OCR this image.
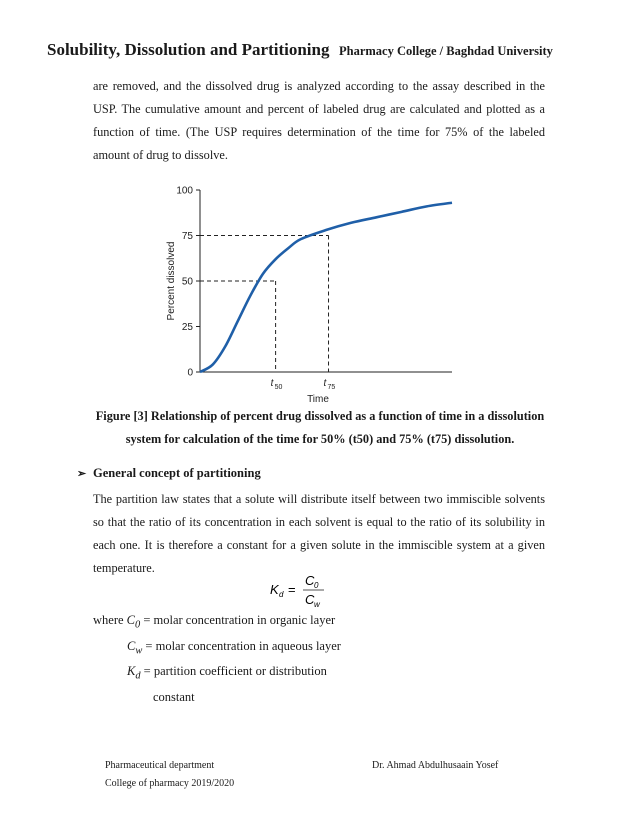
Solubility, Dissolution and Partitioning Pharmacy College / Baghdad University
are removed, and the dissolved drug is analyzed according to the assay described in the USP. The cumulative amount and percent of labeled drug are calculated and plotted as a function of time. (The USP requires determination of the time for 75% of the labeled amount of drug to dissolve.
0
25
50
75
100
Percent dissolved
Time
t 50	t 75
Figure [3] Relationship of percent drug dissolved as a function of time in a dissolution
system for calculation of the time for 50% (t50) and 75% (t75) dissolution.
➢ General concept of partitioning
The partition law states that a solute will distribute itself between two immiscible solvents so that the ratio of its concentration in each solvent is equal to the ratio of its solubility in each one. It is therefore a constant for a given solute in the immiscible system at a given temperature.
K d =
C 0
C w
where $C_0$ = molar concentration in organic layer
$C_w$ = molar concentration in aqueous layer
$K_d$ = partition coefficient or distribution
constant
Pharmaceutical department
College of pharmacy 2019/2020
Dr. Ahmad Abdulhusaain Yosef
